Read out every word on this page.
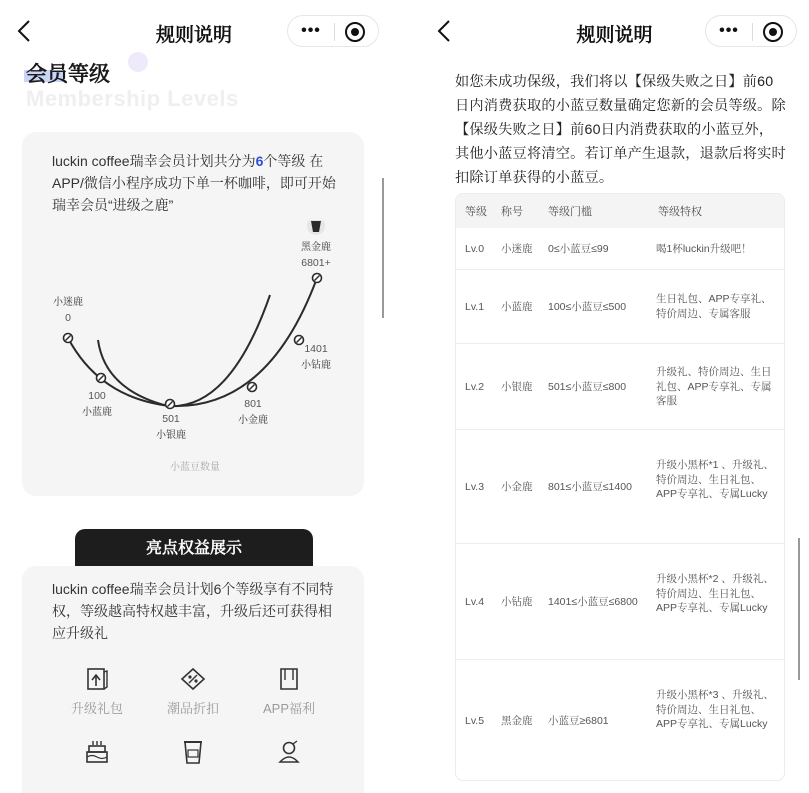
规则说明	•••
会员等级
Membership Levels
luckin coffee瑞幸会员计划共分为6个等级 在APP/微信小程序成功下单一杯咖啡，即可开始瑞幸会员“进级之鹿”
小迷鹿
0
小蓝鹿
100
小银鹿
501	小金鹿
801
小钻鹿
1401
黑金鹿
6801+
小蓝豆数量
亮点权益展示
luckin coffee瑞幸会员计划6个等级享有不同特权，等级越高特权越丰富，升级后还可获得相应升级礼
升级礼包	潮品折扣	APP福利
规则说明	•••
如您未成功保级，我们将以【保级失败之日】前60日内消费获取的小蓝豆数量确定您新的会员等级。除【保级失败之日】前60日内消费获取的小蓝豆外，其他小蓝豆将清空。若订单产生退款，退款后将实时扣除订单获得的小蓝豆。
等级 称号 等级门槛	等级特权
Lv.0 小迷鹿 0≤小蓝豆≤99	喝1杯luckin升级吧！
Lv.1 小蓝鹿 100≤小蓝豆≤500
生日礼包、APP专享礼、特价周边、专属客服
Lv.2 小银鹿 501≤小蓝豆≤800
升级礼、特价周边、生日礼包、APP专享礼、专属客服
Lv.3 小金鹿 801≤小蓝豆≤1400
升级小黑杯*1 、升级礼、特价周边、生日礼包、APP专享礼、专属Lucky
Lv.4 小钻鹿 1401≤小蓝豆≤6800
升级小黑杯*2 、升级礼、特价周边、生日礼包、APP专享礼、专属Lucky
Lv.5 黑金鹿 小蓝豆≥6801
升级小黑杯*3 、升级礼、特价周边、生日礼包、APP专享礼、专属Lucky
